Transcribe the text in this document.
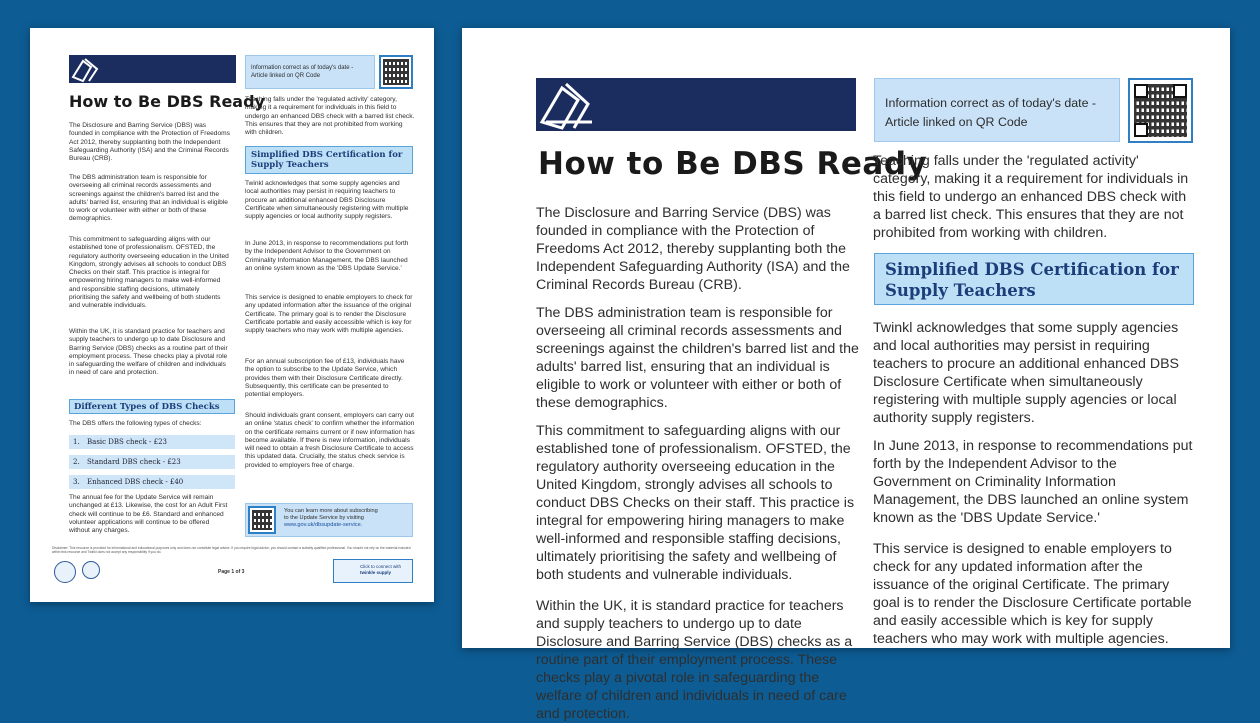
How to Be DBS Ready
The Disclosure and Barring Service (DBS) was founded in compliance with the Protection of Freedoms Act 2012, thereby supplanting both the Independent Safeguarding Authority (ISA) and the Criminal Records Bureau (CRB).
The DBS administration team is responsible for overseeing all criminal records assessments and screenings against the children's barred list and the adults' barred list, ensuring that an individual is eligible to work or volunteer with either or both of these demographics.
This commitment to safeguarding aligns with our established tone of professionalism. OFSTED, the regulatory authority overseeing education in the United Kingdom, strongly advises all schools to conduct DBS Checks on their staff. This practice is integral for empowering hiring managers to make well-informed and responsible staffing decisions, ultimately prioritising the safety and wellbeing of both students and vulnerable individuals.
Within the UK, it is standard practice for teachers and supply teachers to undergo up to date Disclosure and Barring Service (DBS) checks as a routine part of their employment process. These checks play a pivotal role in safeguarding the welfare of children and individuals in need of care and protection.
Different Types of DBS Checks
The DBS offers the following types of checks:
1. Basic DBS check - £23
2. Standard DBS check - £23
3. Enhanced DBS check - £40
The annual fee for the Update Service will remain unchanged at £13. Likewise, the cost for an Adult First check will continue to be £6. Standard and enhanced volunteer applications will continue to be offered without any charges.
Information correct as of today's date -
Article linked on QR Code
Teaching falls under the 'regulated activity' category, making it a requirement for individuals in this field to undergo an enhanced DBS check with a barred list check. This ensures that they are not prohibited from working with children.
Simplified DBS Certification for Supply Teachers
Twinkl acknowledges that some supply agencies and local authorities may persist in requiring teachers to procure an additional enhanced DBS Disclosure Certificate when simultaneously registering with multiple supply agencies or local authority supply registers.
In June 2013, in response to recommendations put forth by the Independent Advisor to the Government on Criminality Information Management, the DBS launched an online system known as the 'DBS Update Service.'
This service is designed to enable employers to check for any updated information after the issuance of the original Certificate. The primary goal is to render the Disclosure Certificate portable and easily accessible which is key for supply teachers who may work with multiple agencies.
For an annual subscription fee of £13, individuals have the option to subscribe to the Update Service, which provides them with their Disclosure Certificate directly. Subsequently, this certificate can be presented to potential employers.
Should individuals grant consent, employers can carry out an online 'status check' to confirm whether the information on the certificate remains current or if new information has become available. If there is new information, individuals will need to obtain a fresh Disclosure Certificate to access this updated data. Crucially, the status check service is provided to employers free of charge.
You can learn more about subscribing
to the Update Service by visiting
www.gov.uk/dbsupdate-service.
Disclaimer: This resource is provided for informational and educational purposes only and does not constitute legal advice. If you require legal advice, you should contact a suitably qualified professional. You should not rely on the material included within this resource and Twinkl does not accept any responsibility if you do.
Page 1 of 3
Click to connect with
twinkle supply
How to Be DBS Ready
The Disclosure and Barring Service (DBS) was founded in compliance with the Protection of Freedoms Act 2012, thereby supplanting both the Independent Safeguarding Authority (ISA) and the Criminal Records Bureau (CRB).
The DBS administration team is responsible for overseeing all criminal records assessments and screenings against the children's barred list and the adults' barred list, ensuring that an individual is eligible to work or volunteer with either or both of these demographics.
This commitment to safeguarding aligns with our established tone of professionalism. OFSTED, the regulatory authority overseeing education in the United Kingdom, strongly advises all schools to conduct DBS Checks on their staff. This practice is integral for empowering hiring managers to make well-informed and responsible staffing decisions, ultimately prioritising the safety and wellbeing of both students and vulnerable individuals.
Within the UK, it is standard practice for teachers and supply teachers to undergo up to date Disclosure and Barring Service (DBS) checks as a routine part of their employment process. These checks play a pivotal role in safeguarding the welfare of children and individuals in need of care and protection.
Information correct as of today's date -
Article linked on QR Code
Teaching falls under the 'regulated activity' category, making it a requirement for individuals in this field to undergo an enhanced DBS check with a barred list check. This ensures that they are not prohibited from working with children.
Simplified DBS Certification for Supply Teachers
Twinkl acknowledges that some supply agencies and local authorities may persist in requiring teachers to procure an additional enhanced DBS Disclosure Certificate when simultaneously registering with multiple supply agencies or local authority supply registers.
In June 2013, in response to recommendations put forth by the Independent Advisor to the Government on Criminality Information Management, the DBS launched an online system known as the 'DBS Update Service.'
This service is designed to enable employers to check for any updated information after the issuance of the original Certificate. The primary goal is to render the Disclosure Certificate portable and easily accessible which is key for supply teachers who may work with multiple agencies.
